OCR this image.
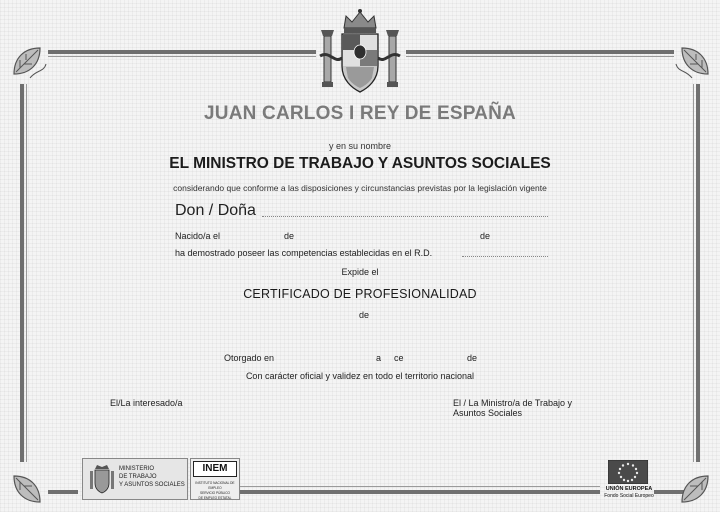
JUAN CARLOS I REY DE ESPAÑA
y en su nombre
EL MINISTRO DE TRABAJO Y ASUNTOS SOCIALES
considerando que conforme a las disposiciones y circunstancias previstas por la legislación vigente
Don / Doña
Nacido/a el	de	de
ha demostrado poseer las competencias establecidas en el R.D.
Expide el
CERTIFICADO DE PROFESIONALIDAD
de
Otorgado en	a ce	de
Con carácter oficial y validez en todo el territorio nacional
El/La interesado/a	El / La Ministro/a de Trabajo y
Asuntos Sociales
MINISTERIO
DE TRABAJO
Y ASUNTOS SOCIALES
INEM
INSTITUTO NACIONAL DE EMPLEO
SERVICIO PÚBLICO
DE EMPLEO ESTATAL
UNIÓN EUROPEA
Fondo Social Europeo
